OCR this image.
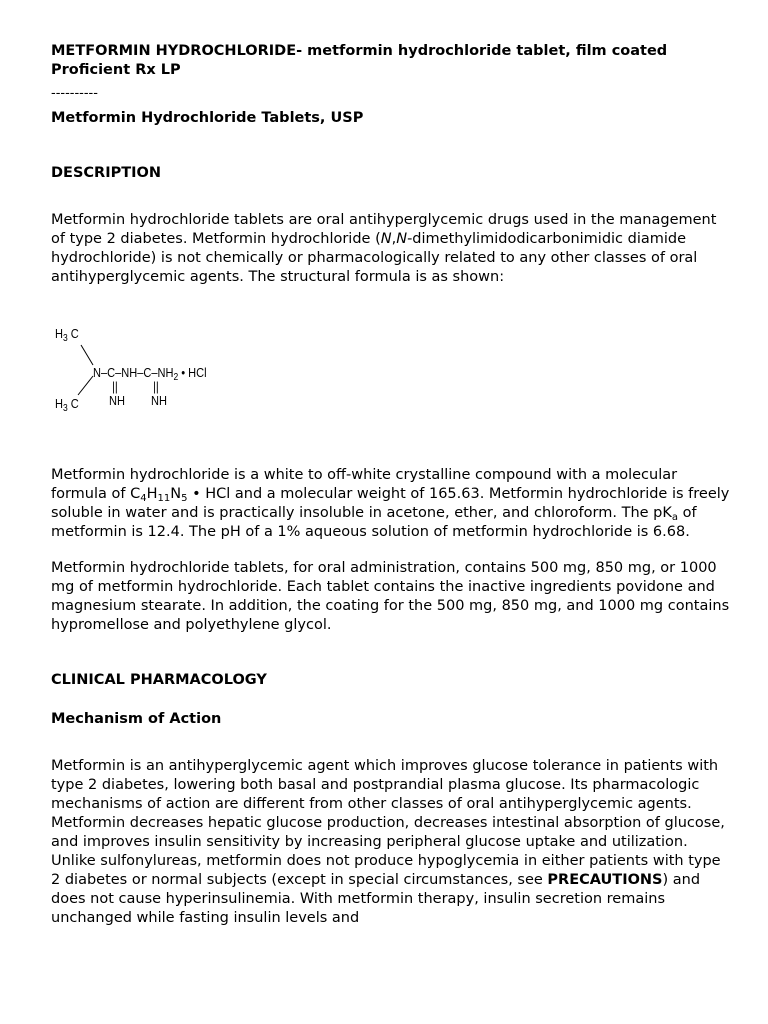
METFORMIN HYDROCHLORIDE- metformin hydrochloride tablet, film coated
Proficient Rx LP
----------
Metformin Hydrochloride Tablets, USP
DESCRIPTION

Metformin hydrochloride tablets are oral antihyperglycemic drugs used in the management of type 2 diabetes. Metformin hydrochloride (N,N-dimethylimidodicarbonimidic diamide hydrochloride) is not chemically or pharmacologically related to any other classes of oral antihyperglycemic agents. The structural formula is as shown:

$H_3$ C
$N-C-NH-C-NH_2$ • HCl
||	||
NH NH
$H_3$ C

Metformin hydrochloride is a white to off-white crystalline compound with a molecular formula of $C_4H_{11}N_5$ • HCl and a molecular weight of 165.63. Metformin hydrochloride is freely soluble in water and is practically insoluble in acetone, ether, and chloroform. The $pK_a$ of metformin is 12.4. The pH of a 1% aqueous solution of metformin hydrochloride is 6.68.

Metformin hydrochloride tablets, for oral administration, contains 500 mg, 850 mg, or 1000 mg of metformin hydrochloride. Each tablet contains the inactive ingredients povidone and magnesium stearate. In addition, the coating for the 500 mg, 850 mg, and 1000 mg contains hypromellose and polyethylene glycol.

CLINICAL PHARMACOLOGY
Mechanism of Action

Metformin is an antihyperglycemic agent which improves glucose tolerance in patients with type 2 diabetes, lowering both basal and postprandial plasma glucose. Its pharmacologic mechanisms of action are different from other classes of oral antihyperglycemic agents. Metformin decreases hepatic glucose production, decreases intestinal absorption of glucose, and improves insulin sensitivity by increasing peripheral glucose uptake and utilization. Unlike sulfonylureas, metformin does not produce hypoglycemia in either patients with type 2 diabetes or normal subjects (except in special circumstances, see PRECAUTIONS) and does not cause hyperinsulinemia. With metformin therapy, insulin secretion remains unchanged while fasting insulin levels and
